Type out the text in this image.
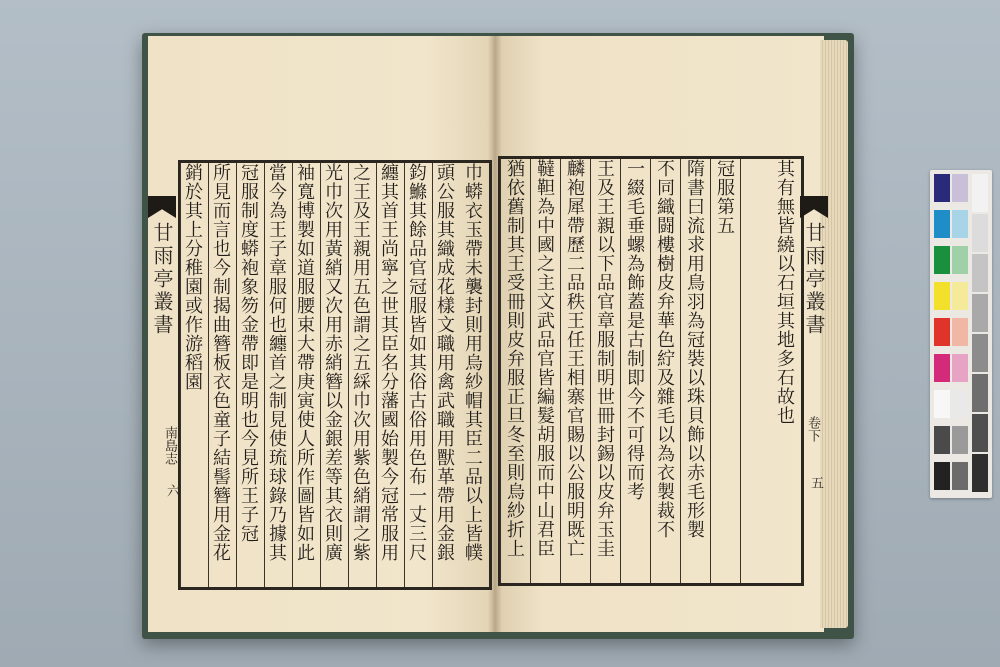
巾蟒衣玉帶未襲封則用烏紗帽其臣二品以上皆幞
頭公服其織成花樣文職用禽武職用獸革帶用金銀
鈞鰷其餘品官冠服皆如其俗古俗用色布一丈三尺
纏其首王尚寧之世其臣名分藩國始製今冠常服用
之王及王親用五色謂之五綵巾次用紫色綃謂之紫
光巾次用黃綃又次用赤綃簪以金銀差等其衣則廣
袖寬博製如道服腰束大帶庚寅使人所作圖皆如此
當今為王子章服何也纏首之制見使琉球錄乃據其
冠服制度蟒袍象笏金帶即是明也今見所王子冠
所見而言也今制揭曲簪板衣色童子結髻簪用金花
銷於其上分稚園或作游稻園	其有無皆繞以石垣其地多石故也
冠服第五
隋書曰流求用鳥羽為冠裝以珠貝飾以赤毛形製
不同織闘樓樹皮弁華色紵及雜毛以為衣製裁不
一綴毛垂螺為飾蓋是古制即今不可得而考
王及王親以下品官章服制明世冊封錫以皮弁玉圭
麟袍犀帶歷二品秩王任王相寨官賜以公服明既亡
韃靼為中國之主文武品官皆編髮胡服而中山君臣
猶依舊制其王受冊則皮弁服正旦冬至則烏紗折上
甘雨亭叢書
南島志
六
甘雨亭叢書
卷下
五
